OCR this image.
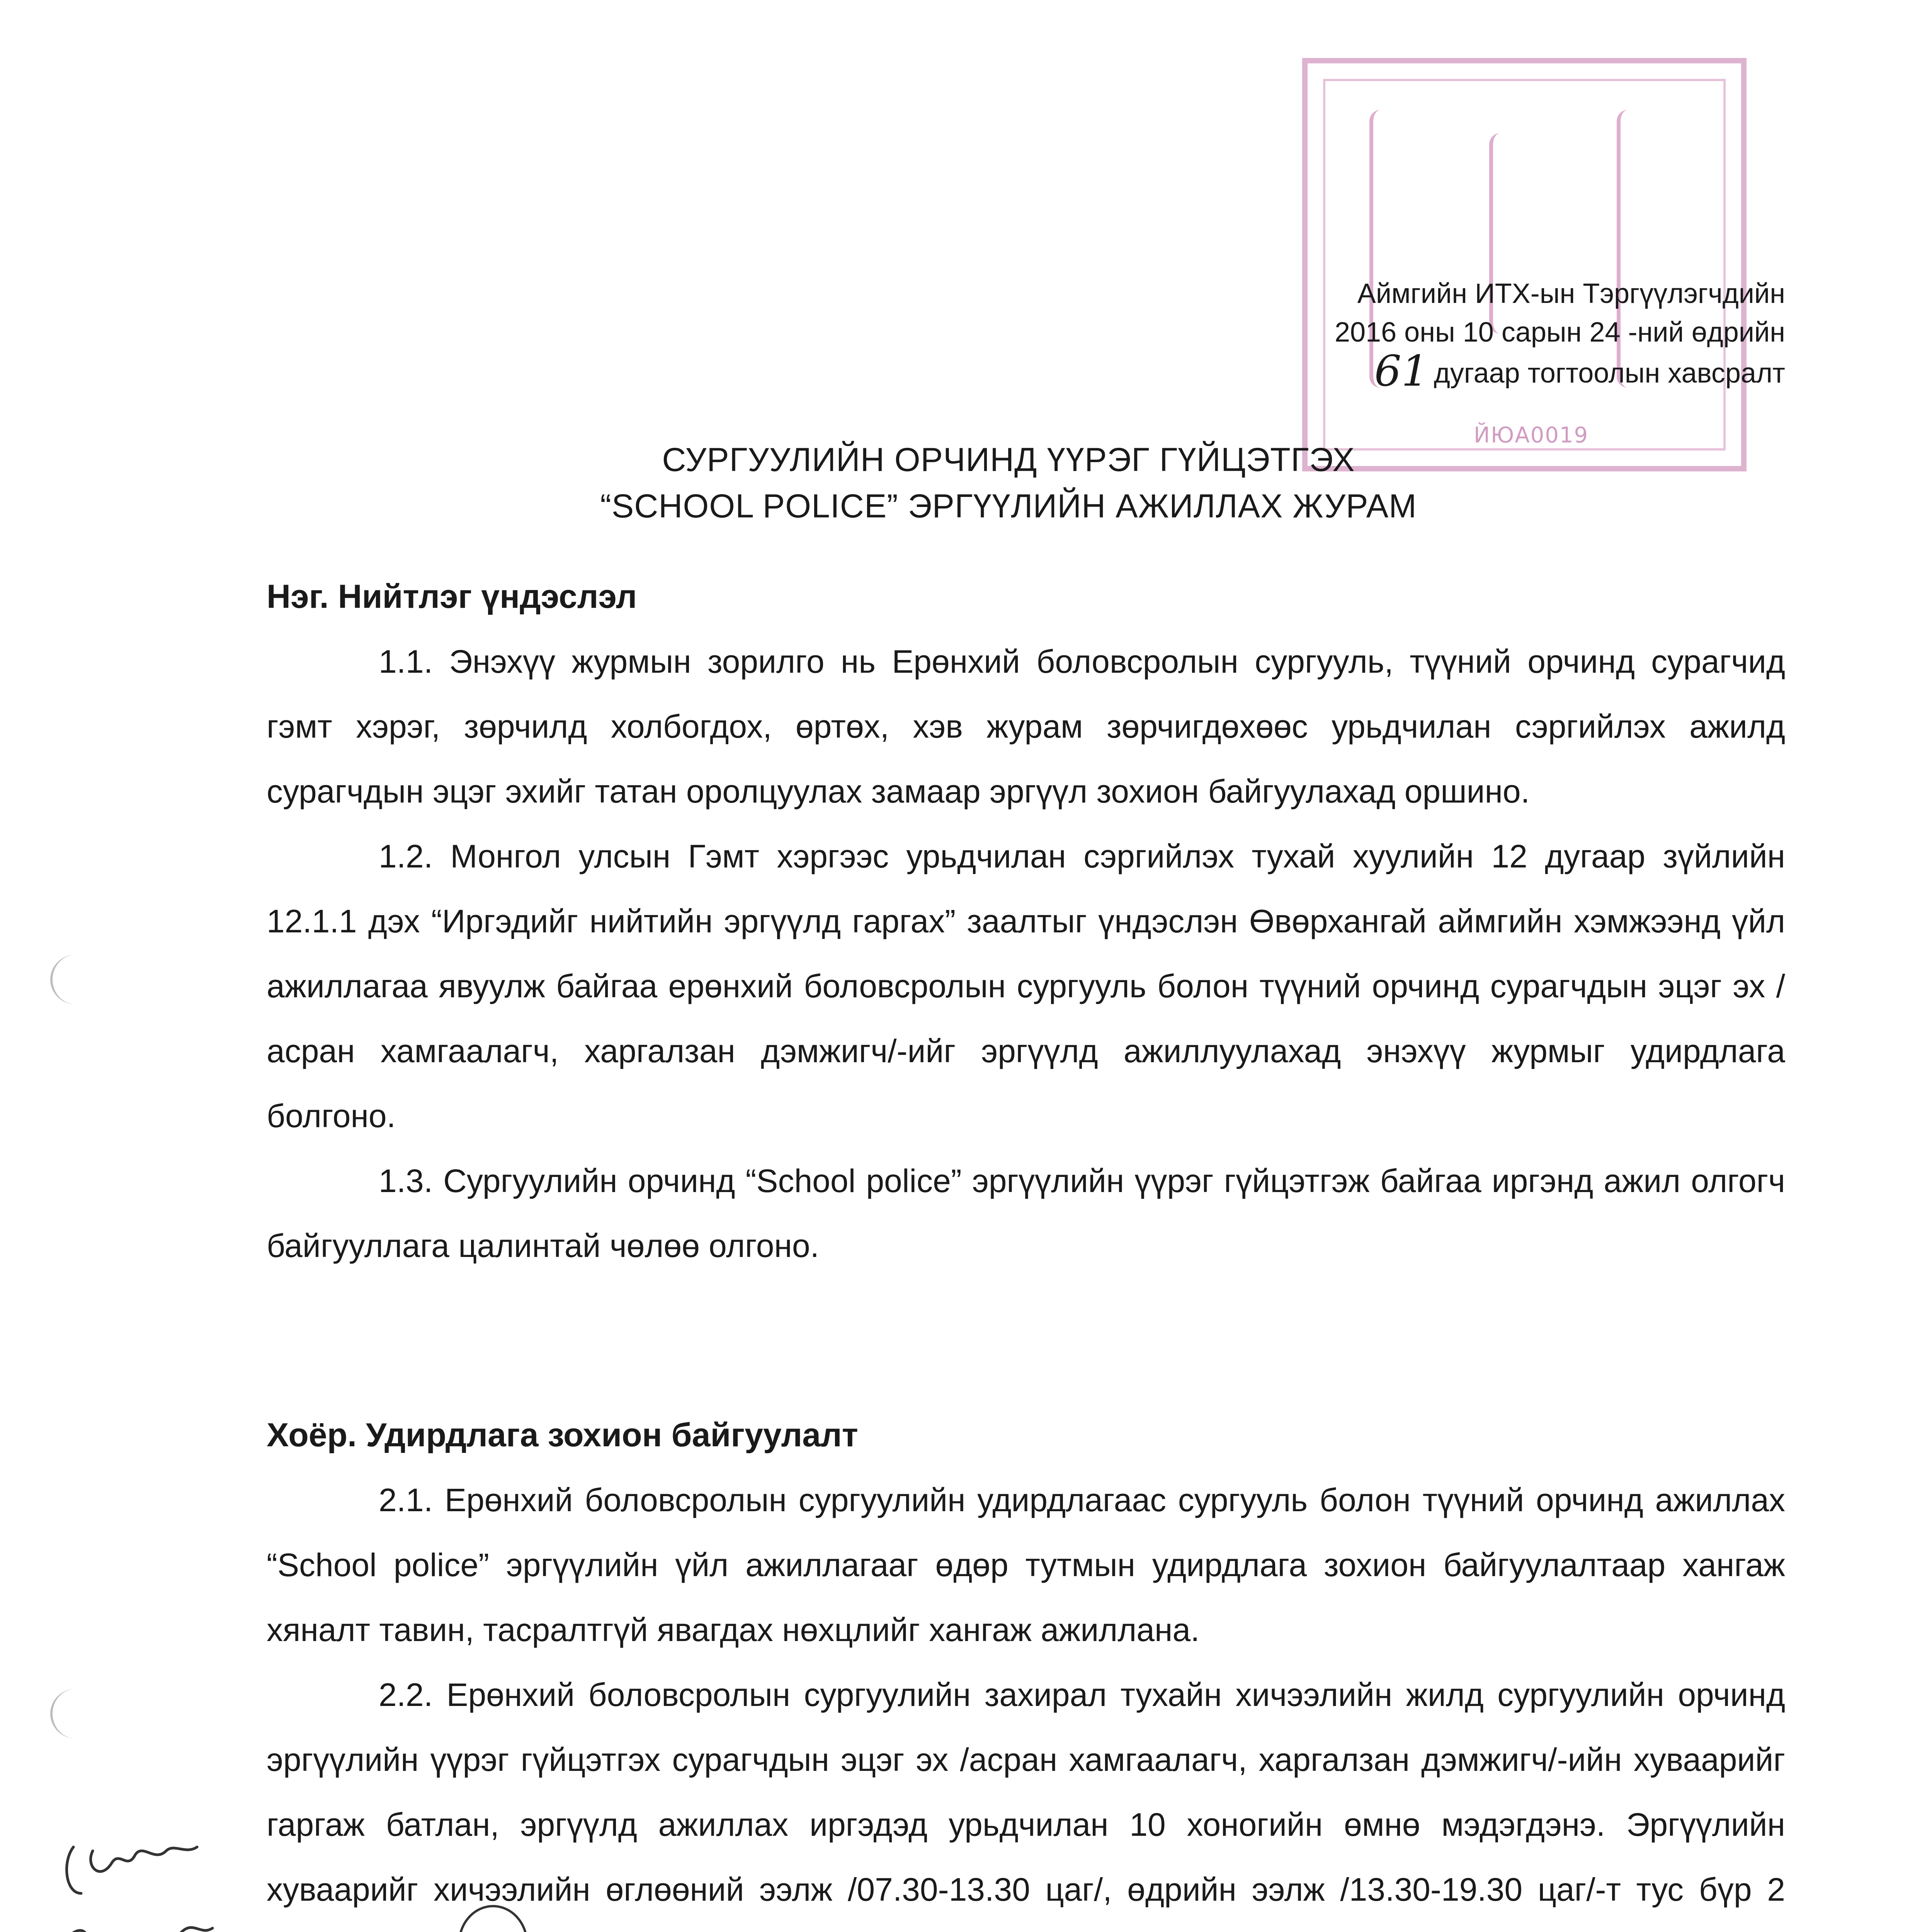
ЙЮА0019
Аймгийн ИТХ-ын Тэргүүлэгчдийн
2016 оны 10 сарын 24 -ний өдрийн
61 дугаар тогтоолын хавсралт
СУРГУУЛИЙН ОРЧИНД ҮҮРЭГ ГҮЙЦЭТГЭХ
“SCHOOL POLICE” ЭРГҮҮЛИЙН АЖИЛЛАХ ЖУРАМ

Нэг. Нийтлэг үндэслэл

1.1. Энэхүү журмын зорилго нь Ерөнхий боловсролын сургууль, түүний орчинд сурагчид гэмт хэрэг, зөрчилд холбогдох, өртөх, хэв журам зөрчигдөхөөс урьдчилан сэргийлэх ажилд сурагчдын эцэг эхийг татан оролцуулах замаар эргүүл зохион байгуулахад оршино.

1.2. Монгол улсын Гэмт хэргээс урьдчилан сэргийлэх тухай хуулийн 12 дугаар зүйлийн 12.1.1 дэх “Иргэдийг нийтийн эргүүлд гаргах” заалтыг үндэслэн Өвөрхангай аймгийн хэмжээнд үйл ажиллагаа явуулж байгаа ерөнхий боловсролын сургууль болон түүний орчинд сурагчдын эцэг эх /асран хамгаалагч, харгалзан дэмжигч/-ийг эргүүлд ажиллуулахад энэхүү журмыг удирдлага болгоно.

1.3. Сургуулийн орчинд “School police” эргүүлийн үүрэг гүйцэтгэж байгаа иргэнд ажил олгогч байгууллага цалинтай чөлөө олгоно.

Хоёр. Удирдлага зохион байгуулалт

2.1. Ерөнхий боловсролын сургуулийн удирдлагаас сургууль болон түүний орчинд ажиллах “School police” эргүүлийн үйл ажиллагааг өдөр тутмын удирдлага зохион байгуулалтаар хангаж хяналт тавин, тасралтгүй явагдах нөхцлийг хангаж ажиллана.

2.2. Ерөнхий боловсролын сургуулийн захирал тухайн хичээлийн жилд сургуулийн орчинд эргүүлийн үүрэг гүйцэтгэх сурагчдын эцэг эх /асран хамгаалагч, харгалзан дэмжигч/-ийн хуваарийг гаргаж батлан, эргүүлд ажиллах иргэдэд урьдчилан 10 хоногийн өмнө мэдэгдэнэ. Эргүүлийн хуваарийг хичээлийн өглөөний ээлж /07.30-13.30 цаг/, өдрийн ээлж /13.30-19.30 цаг/-т тус бүр 2
